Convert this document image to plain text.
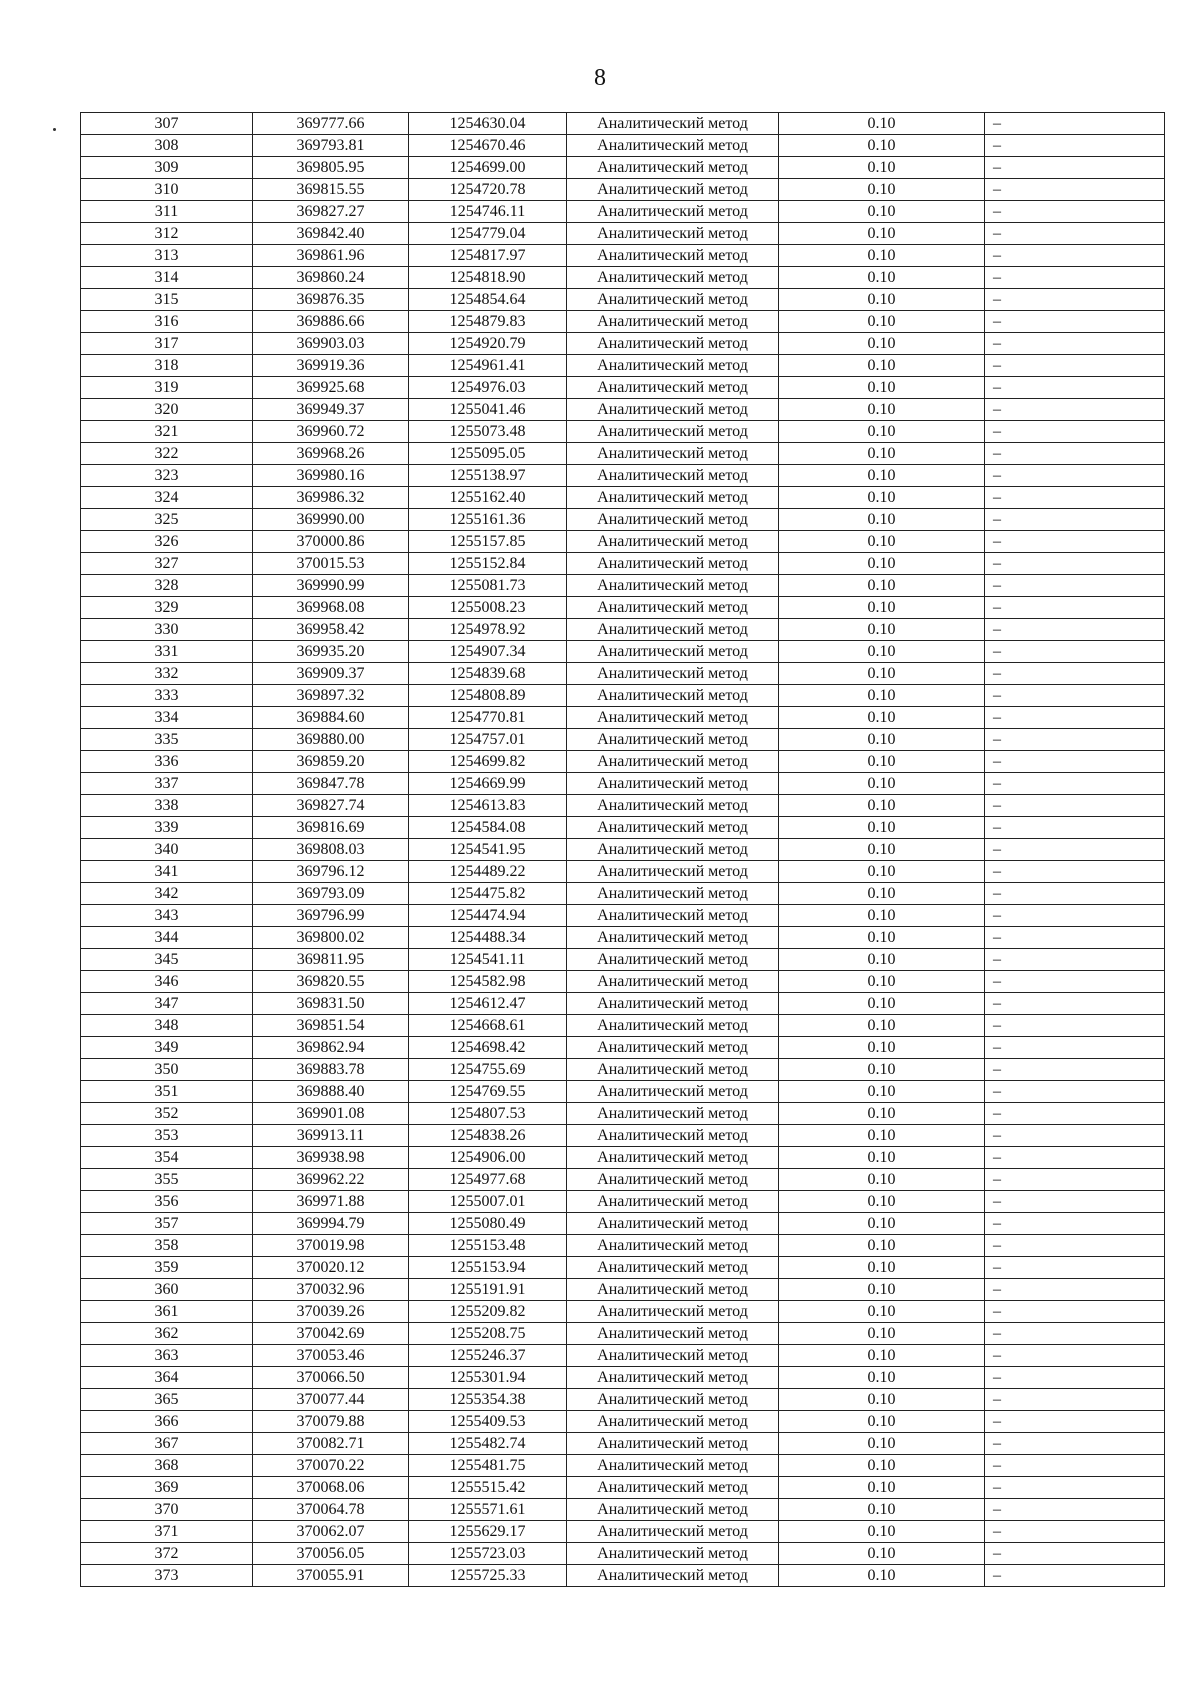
8
307	369777.66	1254630.04	Аналитический метод	0.10	–
308	369793.81	1254670.46	Аналитический метод	0.10	–
309	369805.95	1254699.00	Аналитический метод	0.10	–
310	369815.55	1254720.78	Аналитический метод	0.10	–
311	369827.27	1254746.11	Аналитический метод	0.10	–
312	369842.40	1254779.04	Аналитический метод	0.10	–
313	369861.96	1254817.97	Аналитический метод	0.10	–
314	369860.24	1254818.90	Аналитический метод	0.10	–
315	369876.35	1254854.64	Аналитический метод	0.10	–
316	369886.66	1254879.83	Аналитический метод	0.10	–
317	369903.03	1254920.79	Аналитический метод	0.10	–
318	369919.36	1254961.41	Аналитический метод	0.10	–
319	369925.68	1254976.03	Аналитический метод	0.10	–
320	369949.37	1255041.46	Аналитический метод	0.10	–
321	369960.72	1255073.48	Аналитический метод	0.10	–
322	369968.26	1255095.05	Аналитический метод	0.10	–
323	369980.16	1255138.97	Аналитический метод	0.10	–
324	369986.32	1255162.40	Аналитический метод	0.10	–
325	369990.00	1255161.36	Аналитический метод	0.10	–
326	370000.86	1255157.85	Аналитический метод	0.10	–
327	370015.53	1255152.84	Аналитический метод	0.10	–
328	369990.99	1255081.73	Аналитический метод	0.10	–
329	369968.08	1255008.23	Аналитический метод	0.10	–
330	369958.42	1254978.92	Аналитический метод	0.10	–
331	369935.20	1254907.34	Аналитический метод	0.10	–
332	369909.37	1254839.68	Аналитический метод	0.10	–
333	369897.32	1254808.89	Аналитический метод	0.10	–
334	369884.60	1254770.81	Аналитический метод	0.10	–
335	369880.00	1254757.01	Аналитический метод	0.10	–
336	369859.20	1254699.82	Аналитический метод	0.10	–
337	369847.78	1254669.99	Аналитический метод	0.10	–
338	369827.74	1254613.83	Аналитический метод	0.10	–
339	369816.69	1254584.08	Аналитический метод	0.10	–
340	369808.03	1254541.95	Аналитический метод	0.10	–
341	369796.12	1254489.22	Аналитический метод	0.10	–
342	369793.09	1254475.82	Аналитический метод	0.10	–
343	369796.99	1254474.94	Аналитический метод	0.10	–
344	369800.02	1254488.34	Аналитический метод	0.10	–
345	369811.95	1254541.11	Аналитический метод	0.10	–
346	369820.55	1254582.98	Аналитический метод	0.10	–
347	369831.50	1254612.47	Аналитический метод	0.10	–
348	369851.54	1254668.61	Аналитический метод	0.10	–
349	369862.94	1254698.42	Аналитический метод	0.10	–
350	369883.78	1254755.69	Аналитический метод	0.10	–
351	369888.40	1254769.55	Аналитический метод	0.10	–
352	369901.08	1254807.53	Аналитический метод	0.10	–
353	369913.11	1254838.26	Аналитический метод	0.10	–
354	369938.98	1254906.00	Аналитический метод	0.10	–
355	369962.22	1254977.68	Аналитический метод	0.10	–
356	369971.88	1255007.01	Аналитический метод	0.10	–
357	369994.79	1255080.49	Аналитический метод	0.10	–
358	370019.98	1255153.48	Аналитический метод	0.10	–
359	370020.12	1255153.94	Аналитический метод	0.10	–
360	370032.96	1255191.91	Аналитический метод	0.10	–
361	370039.26	1255209.82	Аналитический метод	0.10	–
362	370042.69	1255208.75	Аналитический метод	0.10	–
363	370053.46	1255246.37	Аналитический метод	0.10	–
364	370066.50	1255301.94	Аналитический метод	0.10	–
365	370077.44	1255354.38	Аналитический метод	0.10	–
366	370079.88	1255409.53	Аналитический метод	0.10	–
367	370082.71	1255482.74	Аналитический метод	0.10	–
368	370070.22	1255481.75	Аналитический метод	0.10	–
369	370068.06	1255515.42	Аналитический метод	0.10	–
370	370064.78	1255571.61	Аналитический метод	0.10	–
371	370062.07	1255629.17	Аналитический метод	0.10	–
372	370056.05	1255723.03	Аналитический метод	0.10	–
373	370055.91	1255725.33	Аналитический метод	0.10	–
